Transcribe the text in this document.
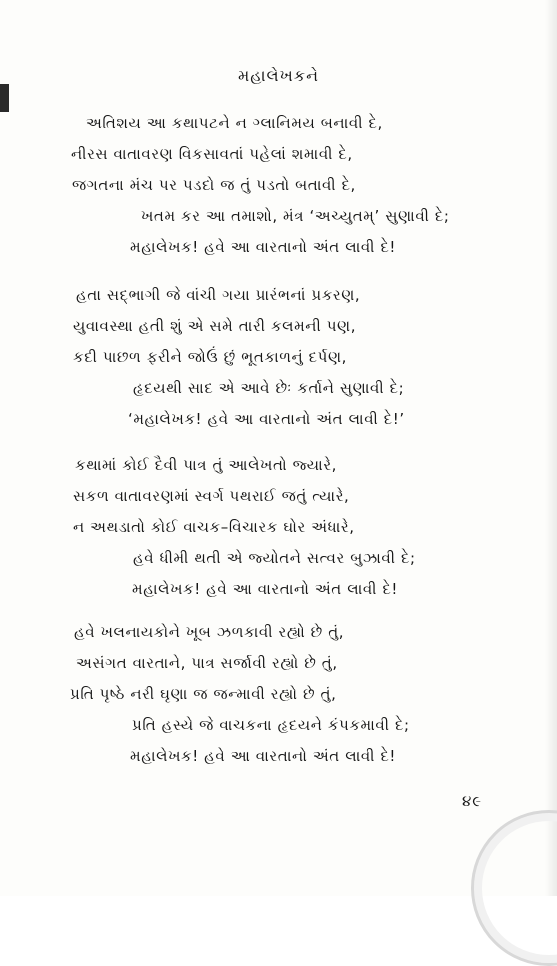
મહાલેખકને
અતિશય આ કથાપટને ન ગ્લાનિમય બનાવી દે,
નીરસ વાતાવરણ વિકસાવતાં પહેલાં શમાવી દે,
જગતના મંચ પર પડદો જ તું પડતો બતાવી દે,
ખતમ કર આ તમાશો, મંત્ર ‘અચ્યુતમ્’ સુણાવી દે;
મહાલેખક! હવે આ વારતાનો અંત લાવી દે!
હતા સદ્ભાગી જે વાંચી ગયા પ્રારંભનાં પ્રકરણ,
યુવાવસ્થા હતી શું એ સમે તારી કલમની પણ,
કદી પાછળ ફરીને જોઉં છું ભૂતકાળનું દર્પણ,
હૃદયથી સાદ એ આવે છેઃ કર્તાને સુણાવી દે;
‘મહાલેખક! હવે આ વારતાનો અંત લાવી દે!’
કથામાં કોઈ દૈવી પાત્ર તું આલેખતો જ્યારે,
સકળ વાતાવરણમાં સ્વર્ગ પથરાઈ જતું ત્યારે,
ન અથડાતો કોઈ વાચક–વિચારક ઘોર અંધારે,
હવે ધીમી થતી એ જ્યોતને સત્વર બુઝાવી દે;
મહાલેખક! હવે આ વારતાનો અંત લાવી દે!
હવે ખલનાયકોને ખૂબ ઝળકાવી રહ્યો છે તું,
અસંગત વારતાને, પાત્ર સર્જાવી રહ્યો છે તું,
પ્રતિ પૃષ્ઠે નરી ઘૃણા જ જન્માવી રહ્યો છે તું,
પ્રતિ હસ્યે જે વાચકના હૃદયને કંપકમાવી દે;
મહાલેખક! હવે આ વારતાનો અંત લાવી દે!
૪૯
